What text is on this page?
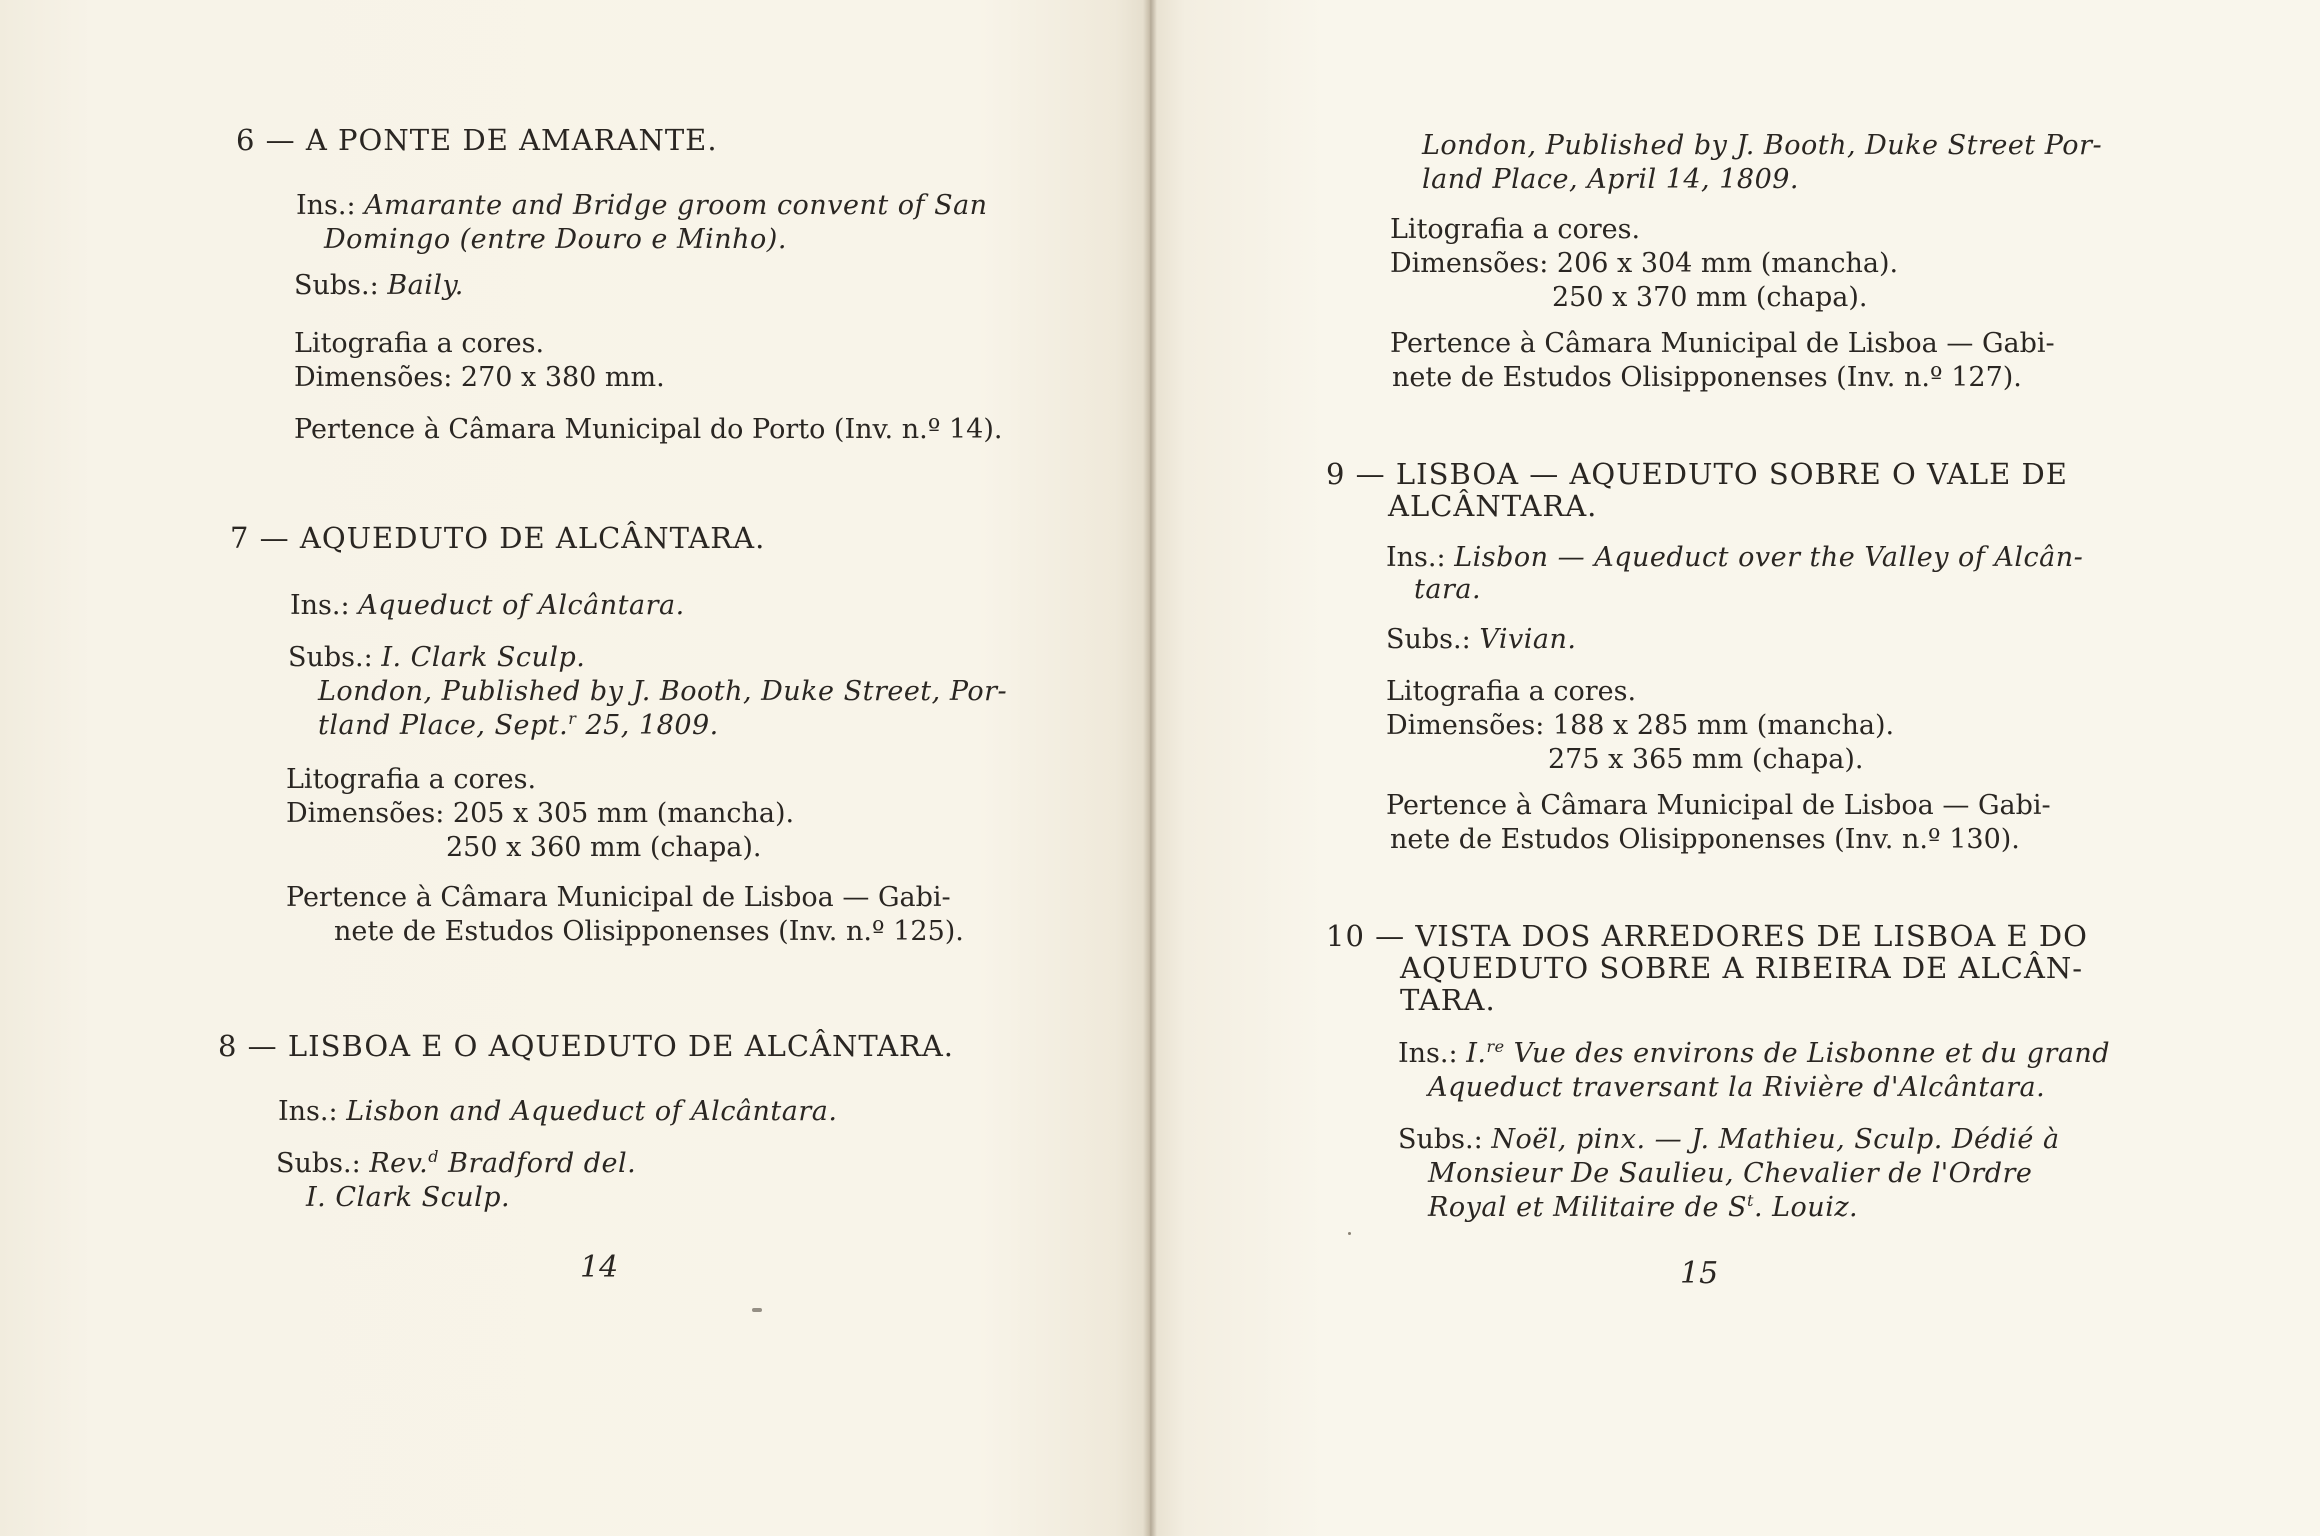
6 — A PONTE DE AMARANTE.
Ins.: Amarante and Bridge groom convent of San
Domingo (entre Douro e Minho).
Subs.: Baily.
Litografia a cores.
Dimensões: 270 x 380 mm.
Pertence à Câmara Municipal do Porto (Inv. n.º 14).
7 — AQUEDUTO DE ALCÂNTARA.
Ins.: Aqueduct of Alcântara.
Subs.: I. Clark Sculp.
London, Published by J. Booth, Duke Street, Por-
tland Place, Sept.$^r$ 25, 1809.
Litografia a cores.
Dimensões: 205 x 305 mm (mancha).
250 x 360 mm (chapa).
Pertence à Câmara Municipal de Lisboa — Gabi-
nete de Estudos Olisipponenses (Inv. n.º 125).
8 — LISBOA E O AQUEDUTO DE ALCÂNTARA.
Ins.: Lisbon and Aqueduct of Alcântara.
Subs.: Rev.$^d$ Bradford del.
I. Clark Sculp.
14
London, Published by J. Booth, Duke Street Por-
land Place, April 14, 1809.
Litografia a cores.
Dimensões: 206 x 304 mm (mancha).
250 x 370 mm (chapa).
Pertence à Câmara Municipal de Lisboa — Gabi-
nete de Estudos Olisipponenses (Inv. n.º 127).
9 — LISBOA — AQUEDUTO SOBRE O VALE DE
ALCÂNTARA.
Ins.: Lisbon — Aqueduct over the Valley of Alcân-
tara.
Subs.: Vivian.
Litografia a cores.
Dimensões: 188 x 285 mm (mancha).
275 x 365 mm (chapa).
Pertence à Câmara Municipal de Lisboa — Gabi-
nete de Estudos Olisipponenses (Inv. n.º 130).
10 — VISTA DOS ARREDORES DE LISBOA E DO
AQUEDUTO SOBRE A RIBEIRA DE ALCÂN-
TARA.
Ins.: I.$^{re}$ Vue des environs de Lisbonne et du grand
Aqueduct traversant la Rivière d'Alcântara.
Subs.: Noël, pinx. — J. Mathieu, Sculp. Dédié à
Monsieur De Saulieu, Chevalier de l'Ordre
Royal et Militaire de $S^t$. Louiz.
15
